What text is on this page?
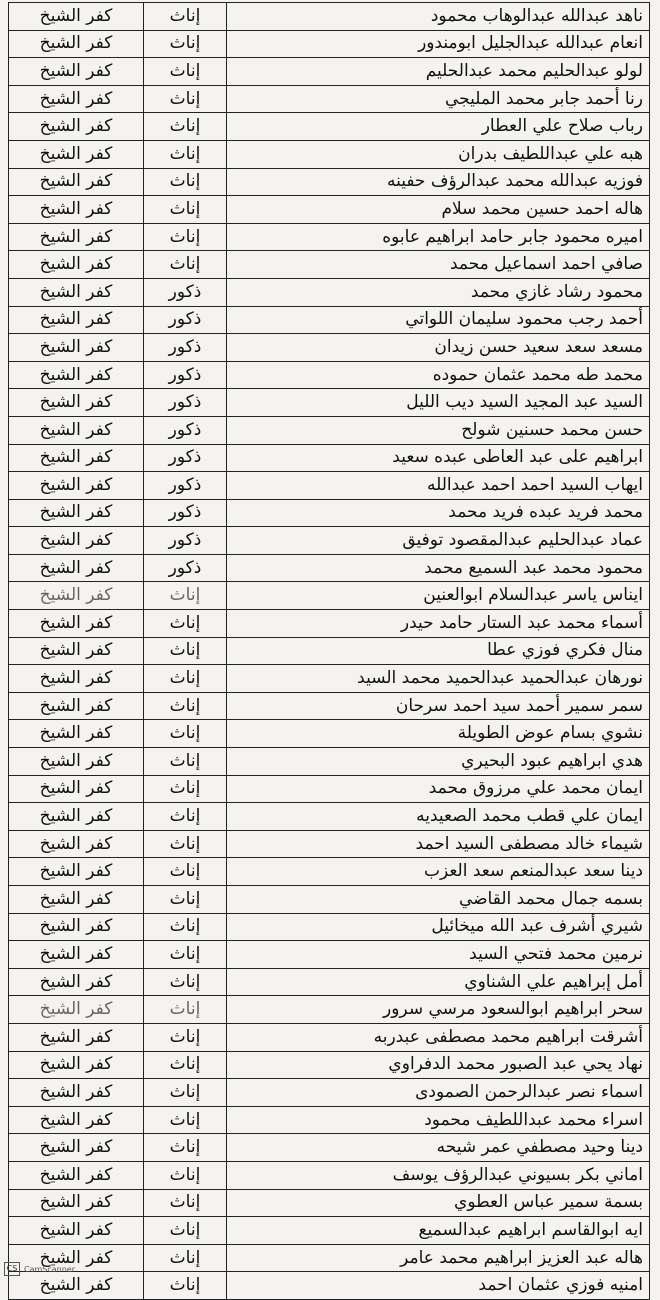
ناهد عبدالله عبدالوهاب محمود	إناث	كفر الشيخ
انعام عبدالله عبدالجليل ابومندور	إناث	كفر الشيخ
لولو عبدالحليم محمد عبدالحليم	إناث	كفر الشيخ
رنا أحمد جابر محمد المليجي	إناث	كفر الشيخ
رباب صلاح علي العطار	إناث	كفر الشيخ
هبه علي عبداللطيف بدران	إناث	كفر الشيخ
فوزيه عبدالله محمد عبدالرؤف حفينه	إناث	كفر الشيخ
هاله احمد حسين محمد سلام	إناث	كفر الشيخ
اميره محمود جابر حامد ابراهيم عابوه	إناث	كفر الشيخ
صافي احمد اسماعيل محمد	إناث	كفر الشيخ
محمود رشاد غازي محمد	ذكور	كفر الشيخ
أحمد رجب محمود سليمان اللواتي	ذكور	كفر الشيخ
مسعد سعد سعيد حسن زيدان	ذكور	كفر الشيخ
محمد طه محمد عثمان حموده	ذكور	كفر الشيخ
السيد عبد المجيد السيد ديب الليل	ذكور	كفر الشيخ
حسن محمد حسنين شولح	ذكور	كفر الشيخ
ابراهيم على عبد العاطى عبده سعيد	ذكور	كفر الشيخ
ايهاب السيد احمد احمد عبدالله	ذكور	كفر الشيخ
محمد فريد عبده فريد محمد	ذكور	كفر الشيخ
عماد عبدالحليم عبدالمقصود توفيق	ذكور	كفر الشيخ
محمود محمد عبد السميع محمد	ذكور	كفر الشيخ
ايناس ياسر عبدالسلام ابوالعنين	إناث	كفر الشيخ
أسماء محمد عبد الستار حامد حيدر	إناث	كفر الشيخ
منال فكري فوزي عطا	إناث	كفر الشيخ
نورهان عبدالحميد عبدالحميد محمد السيد	إناث	كفر الشيخ
سمر سمير أحمد سيد احمد سرحان	إناث	كفر الشيخ
نشوي بسام عوض الطويلة	إناث	كفر الشيخ
هدي ابراهيم عبود البحيري	إناث	كفر الشيخ
ايمان محمد علي مرزوق محمد	إناث	كفر الشيخ
ايمان علي قطب محمد الصعيديه	إناث	كفر الشيخ
شيماء خالد مصطفى السيد احمد	إناث	كفر الشيخ
دينا سعد عبدالمنعم سعد العزب	إناث	كفر الشيخ
بسمه جمال محمد القاضي	إناث	كفر الشيخ
شيري أشرف عبد الله ميخائيل	إناث	كفر الشيخ
نرمين محمد فتحي السيد	إناث	كفر الشيخ
أمل إبراهيم علي الشناوي	إناث	كفر الشيخ
سحر ابراهيم ابوالسعود مرسي سرور	إناث	كفر الشيخ
أشرقت ابراهيم محمد مصطفى عبدربه	إناث	كفر الشيخ
نهاد يحي عبد الصبور محمد الدفراوي	إناث	كفر الشيخ
اسماء نصر عبدالرحمن الصمودى	إناث	كفر الشيخ
اسراء محمد عبداللطيف محمود	إناث	كفر الشيخ
دينا وحيد مصطفي عمر شيحه	إناث	كفر الشيخ
اماني بكر بسيوني عبدالرؤف يوسف	إناث	كفر الشيخ
بسمة سمير عباس العطوي	إناث	كفر الشيخ
ايه ابوالقاسم ابراهيم عبدالسميع	إناث	كفر الشيخ
هاله عبد العزيز ابراهيم محمد عامر	إناث	كفر الشيخ
امنيه فوزي عثمان احمد	إناث	كفر الشيخ
CS CamScanner
